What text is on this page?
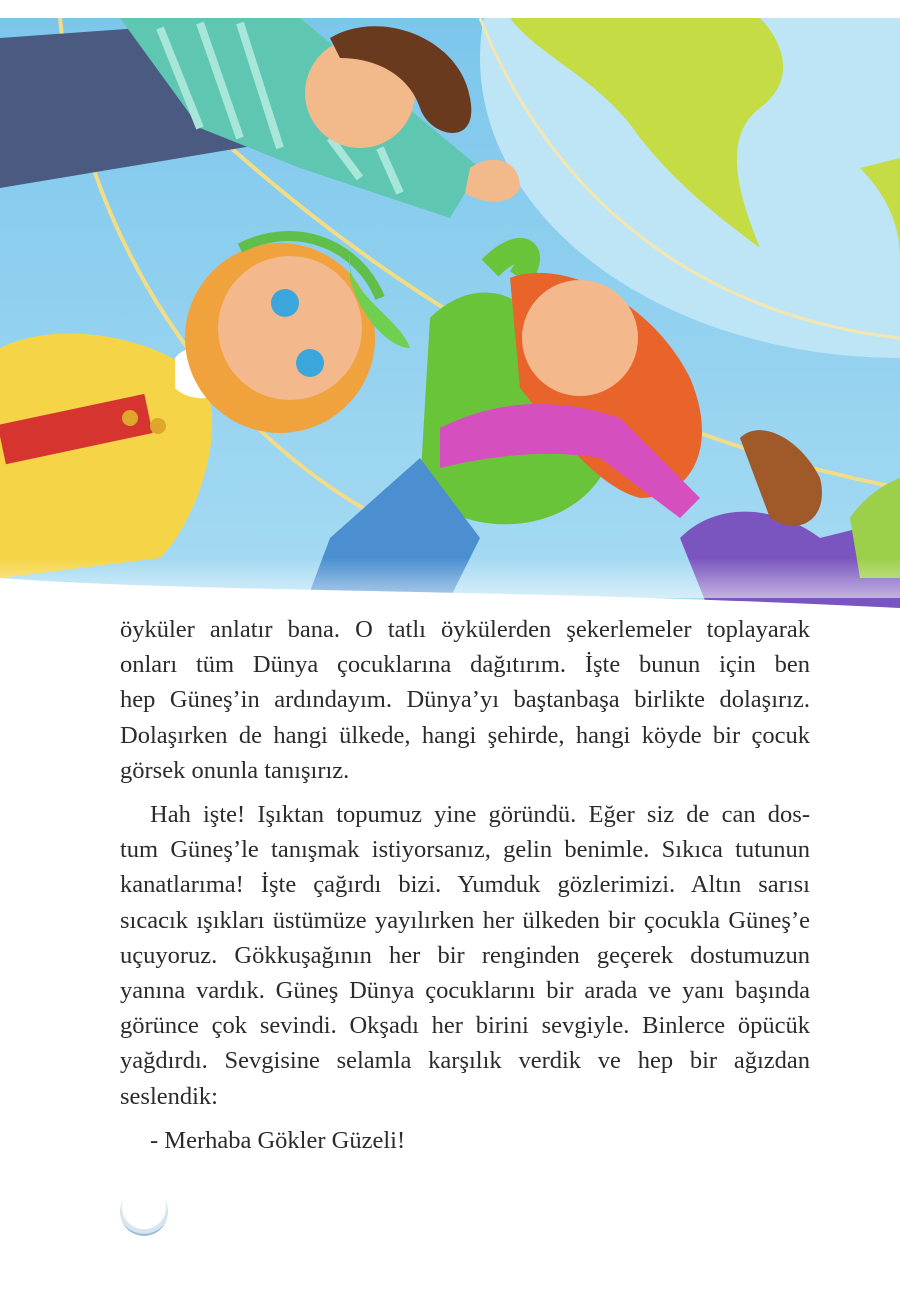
öyküler anlatır bana. O tatlı öykülerden şekerlemeler toplayarak
onları tüm Dünya çocuklarına dağıtırım. İşte bunun için ben
hep Güneş’in ardındayım. Dünya’yı baştanbaşa birlikte dolaşırız.
Dolaşırken de hangi ülkede, hangi şehirde, hangi köyde bir çocuk
görsek onunla tanışırız.

Hah işte! Işıktan topumuz yine göründü. Eğer siz de can dos-
tum Güneş’le tanışmak istiyorsanız, gelin benimle. Sıkıca tutunun
kanatlarıma! İşte çağırdı bizi. Yumduk gözlerimizi. Altın sarısı
sıcacık ışıkları üstümüze yayılırken her ülkeden bir çocukla Güneş’e
uçuyoruz. Gökkuşağının her bir renginden geçerek dostumuzun
yanına vardık. Güneş Dünya çocuklarını bir arada ve yanı başında
görünce çok sevindi. Okşadı her birini sevgiyle. Binlerce öpücük
yağdırdı. Sevgisine selamla karşılık verdik ve hep bir ağızdan
seslendik:

- Merhaba Gökler Güzeli!
